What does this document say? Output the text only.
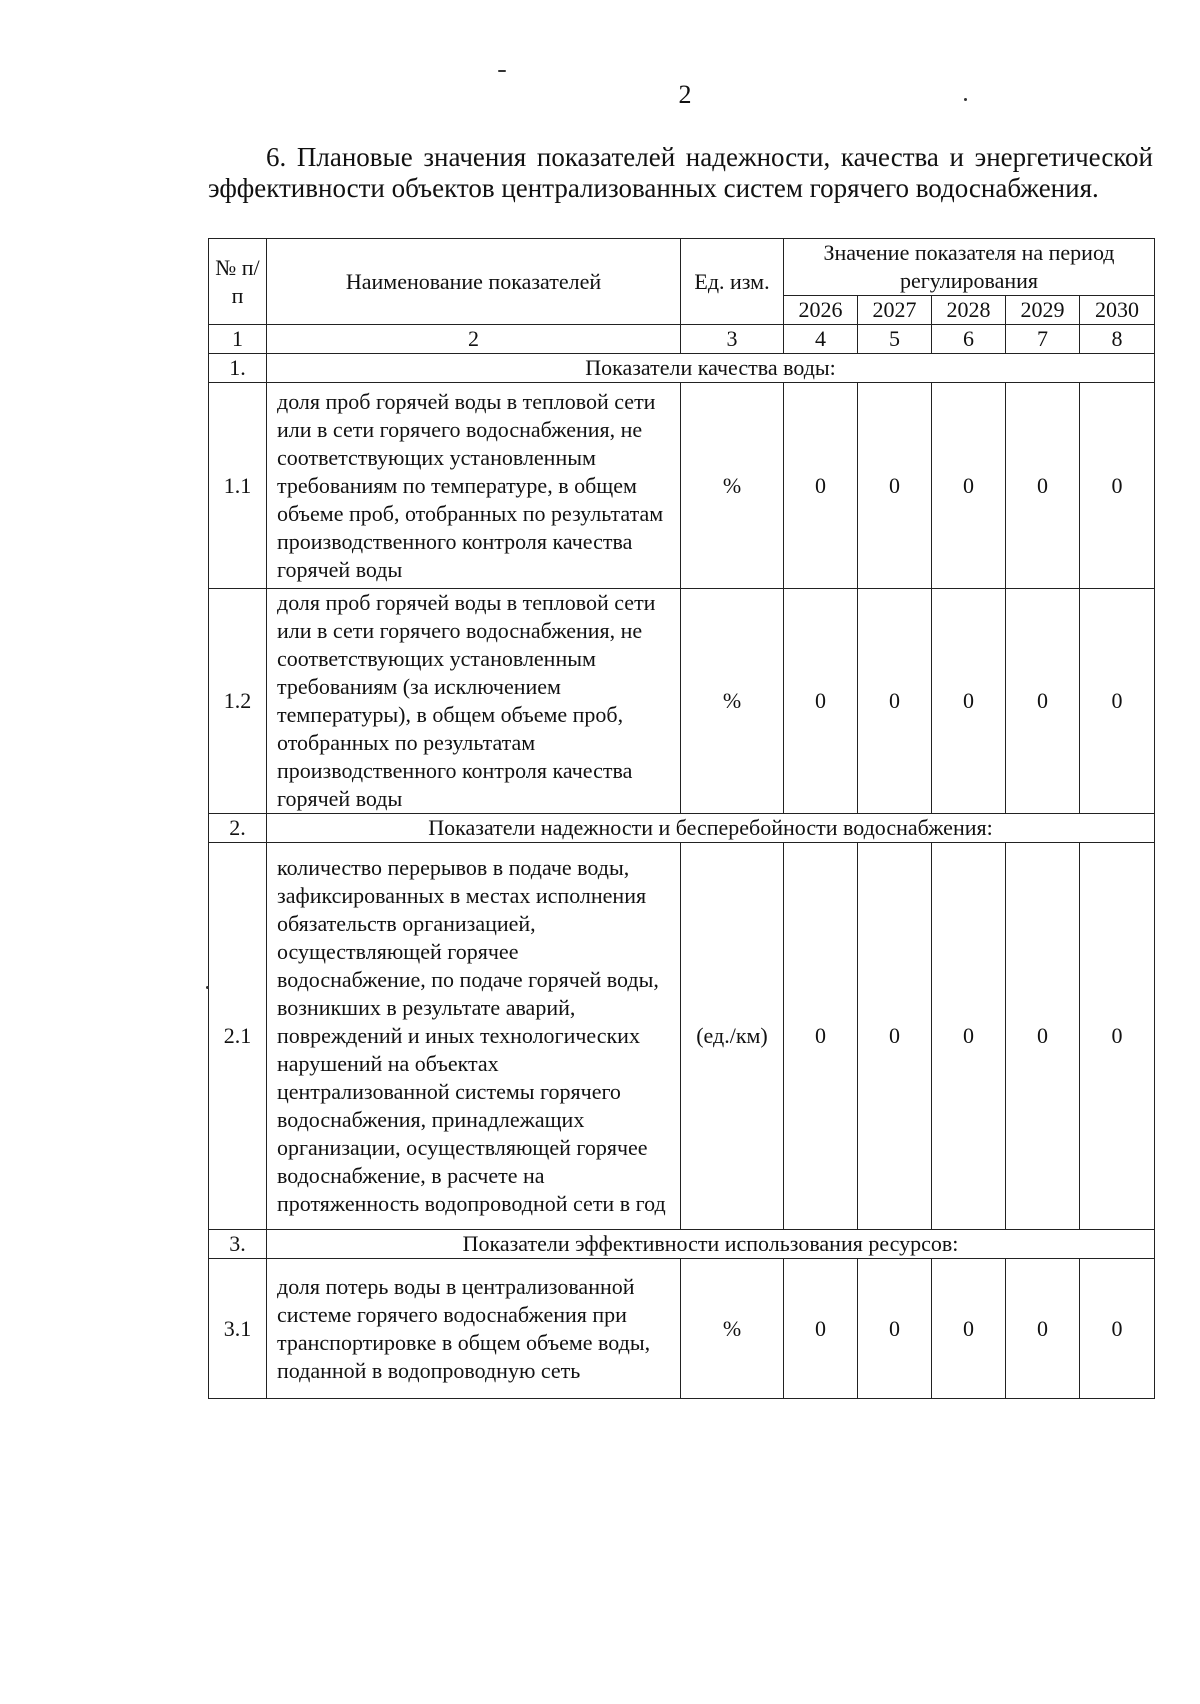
2

6. Плановые значения показателей надежности, качества и энергетической эффективности объектов централизованных систем горячего водоснабжения.

№ п/п	Наименование показателей	Ед. изм.	Значение показателя на период регулирования				
			2026	2027	2028	2029	2030
1	2	3	4	5	6	7	8
1.	Показатели качества воды:						
1.1	доля проб горячей воды в тепловой сети или в сети горячего водоснабжения, не соответствующих установленным требованиям по температуре, в общем объеме проб, отобранных по результатам производственного контроля качества горячей воды	%	0	0	0	0	0
1.2	доля проб горячей воды в тепловой сети или в сети горячего водоснабжения, не соответствующих установленным требованиям (за исключением температуры), в общем объеме проб, отобранных по результатам производственного контроля качества горячей воды	%	0	0	0	0	0
2.	Показатели надежности и бесперебойности водоснабжения:						
2.1	количество перерывов в подаче воды, зафиксированных в местах исполнения обязательств организацией, осуществляющей горячее водоснабжение, по подаче горячей воды, возникших в результате аварий, повреждений и иных технологических нарушений на объектах централизованной системы горячего водоснабжения, принадлежащих организации, осуществляющей горячее водоснабжение, в расчете на протяженность водопроводной сети в год	(ед./км)	0	0	0	0	0
3.	Показатели эффективности использования ресурсов:						
3.1	доля потерь воды в централизованной системе горячего водоснабжения при транспортировке в общем объеме воды, поданной в водопроводную сеть	%	0	0	0	0	0
